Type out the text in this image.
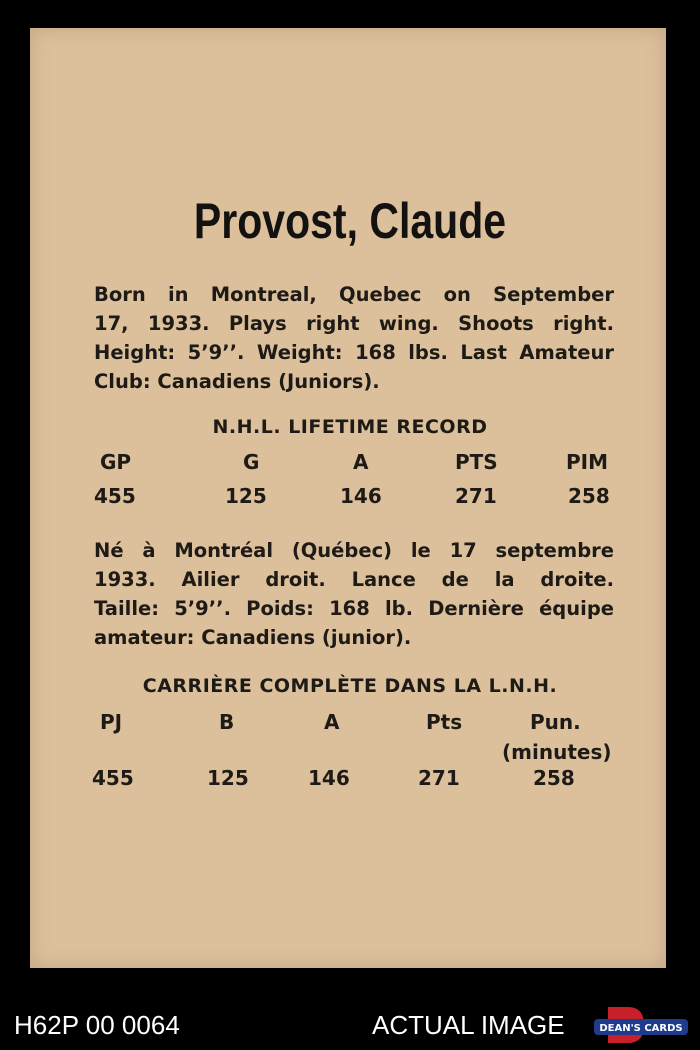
Provost, Claude
Born in Montreal, Quebec on September
17, 1933. Plays right wing. Shoots right.
Height: 5’9’’. Weight: 168 lbs. Last Amateur
Club: Canadiens (Juniors).
N.H.L. LIFETIME RECORD
GP	G	A	PTS	PIM
455	125	146	271	258
Né à Montréal (Québec) le 17 septembre
1933. Ailier droit. Lance de la droite.
Taille: 5’9’’. Poids: 168 lb. Dernière équipe
amateur: Canadiens (junior).
CARRIÈRE COMPLÈTE DANS LA L.N.H.
PJ	B	A	Pts	Pun.
(minutes)
455	125	146	271	258
H62P 00 0064	ACTUAL IMAGE	DEAN'S CARDS
